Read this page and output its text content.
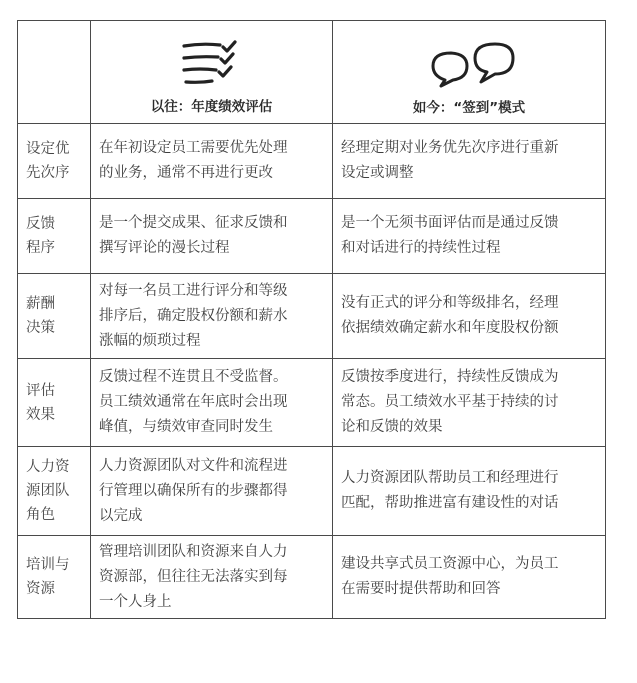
	以往：年度绩效评估	如今：“签到”模式

设定优
先次序	在年初设定员工需要优先处理
的业务，通常不再进行更改	经理定期对业务优先次序进行重新
设定或调整

反馈
程序	是一个提交成果、征求反馈和
撰写评论的漫长过程	是一个无须书面评估而是通过反馈
和对话进行的持续性过程

薪酬
决策	对每一名员工进行评分和等级
排序后，确定股权份额和薪水
涨幅的烦琐过程	没有正式的评分和等级排名，经理
依据绩效确定薪水和年度股权份额

评估
效果	反馈过程不连贯且不受监督。
员工绩效通常在年底时会出现
峰值，与绩效审查同时发生	反馈按季度进行，持续性反馈成为
常态。员工绩效水平基于持续的讨
论和反馈的效果

人力资
源团队
角色	人力资源团队对文件和流程进
行管理以确保所有的步骤都得
以完成	人力资源团队帮助员工和经理进行
匹配，帮助推进富有建设性的对话

培训与
资源	管理培训团队和资源来自人力
资源部，但往往无法落实到每
一个人身上	建设共享式员工资源中心，为员工
在需要时提供帮助和回答
